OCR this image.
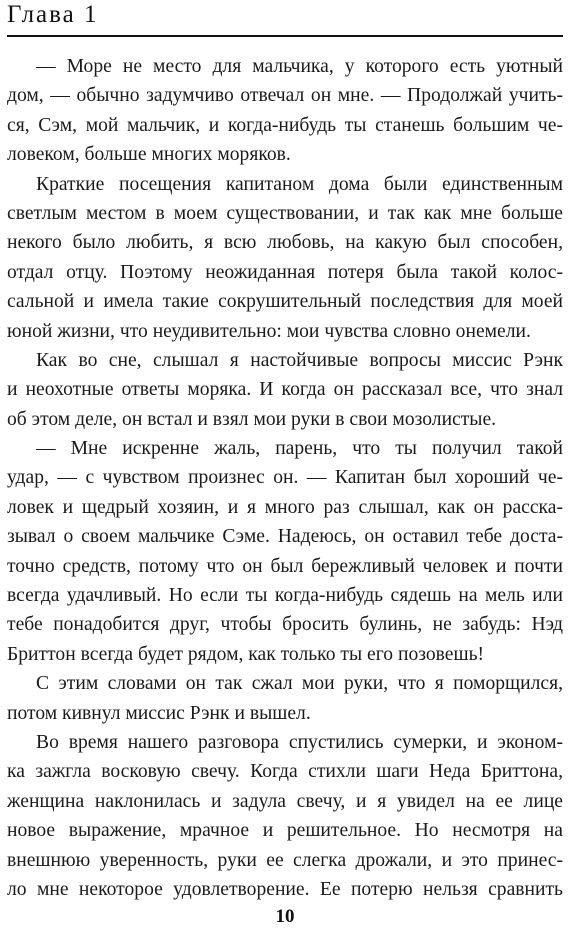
Глава 1
— Море не место для мальчика, у которого есть уютный
дом, — обычно задумчиво отвечал он мне. — Продолжай учить-
ся, Сэм, мой мальчик, и когда-нибудь ты станешь большим че-
ловеком, больше многих моряков.
Краткие посещения капитаном дома были единственным
светлым местом в моем существовании, и так как мне больше
некого было любить, я всю любовь, на какую был способен,
отдал отцу. Поэтому неожиданная потеря была такой колос-
сальной и имела такие сокрушительный последствия для моей
юной жизни, что неудивительно: мои чувства словно онемели.
Как во сне, слышал я настойчивые вопросы миссис Рэнк
и неохотные ответы моряка. И когда он рассказал все, что знал
об этом деле, он встал и взял мои руки в свои мозолистые.
— Мне искренне жаль, парень, что ты получил такой
удар, — с чувством произнес он. — Капитан был хороший че-
ловек и щедрый хозяин, и я много раз слышал, как он расска-
зывал о своем мальчике Сэме. Надеюсь, он оставил тебе доста-
точно средств, потому что он был бережливый человек и почти
всегда удачливый. Но если ты когда-нибудь сядешь на мель или
тебе понадобится друг, чтобы бросить булинь, не забудь: Нэд
Бриттон всегда будет рядом, как только ты его позовешь!
С этим словами он так сжал мои руки, что я поморщился,
потом кивнул миссис Рэнк и вышел.
Во время нашего разговора спустились сумерки, и эконом-
ка зажгла восковую свечу. Когда стихли шаги Неда Бриттона,
женщина наклонилась и задула свечу, и я увидел на ее лице
новое выражение, мрачное и решительное. Но несмотря на
внешнюю уверенность, руки ее слегка дрожали, и это принес-
ло мне некоторое удовлетворение. Ее потерю нельзя сравнить
10
